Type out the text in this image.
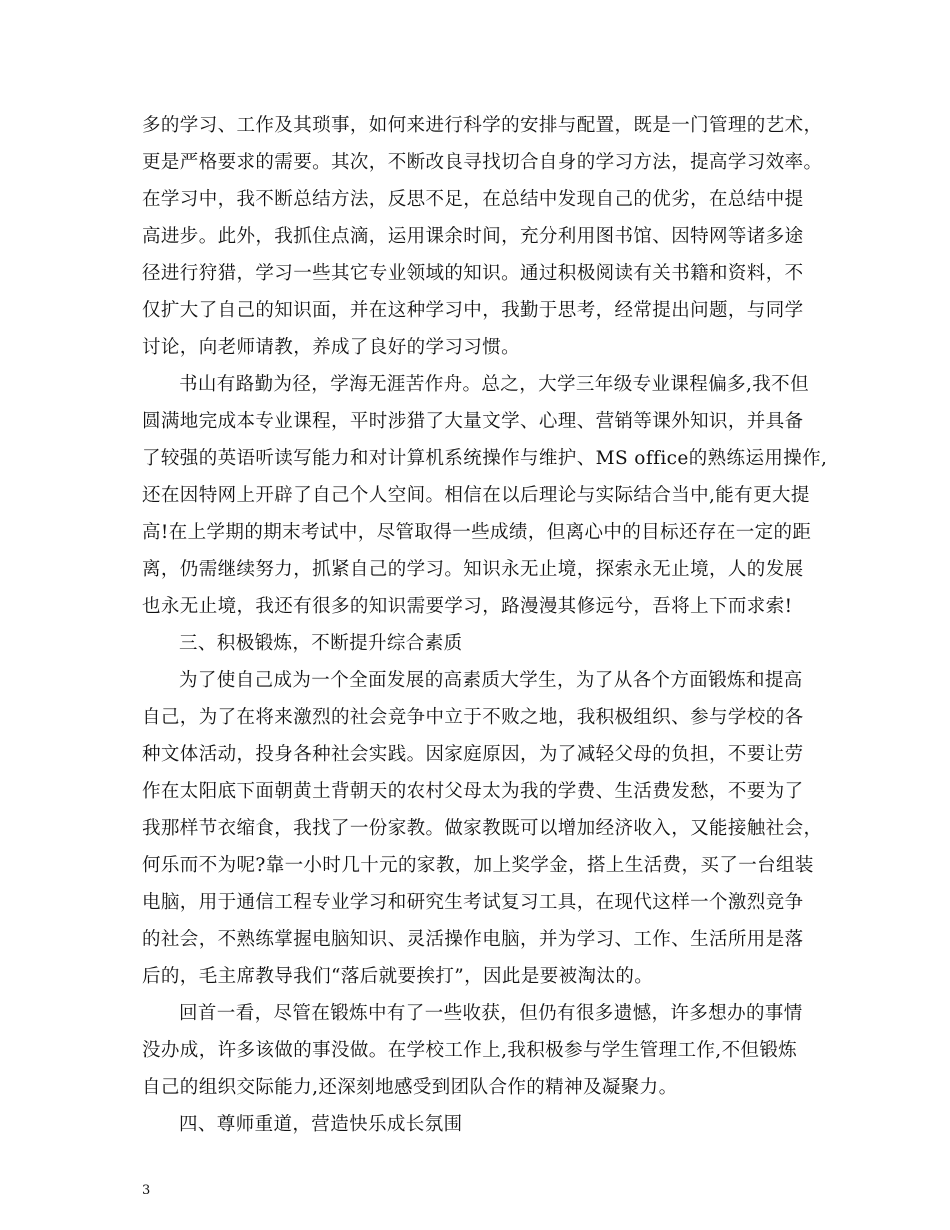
多的学习、工作及其琐事，如何来进行科学的安排与配置，既是一门管理的艺术，
更是严格要求的需要。其次，不断改良寻找切合自身的学习方法，提高学习效率。
在学习中，我不断总结方法，反思不足，在总结中发现自己的优劣，在总结中提
高进步。此外，我抓住点滴，运用课余时间，充分利用图书馆、因特网等诸多途
径进行狩猎，学习一些其它专业领域的知识。通过积极阅读有关书籍和资料，不
仅扩大了自己的知识面，并在这种学习中，我勤于思考，经常提出问题，与同学
讨论，向老师请教，养成了良好的学习习惯。
书山有路勤为径，学海无涯苦作舟。总之，大学三年级专业课程偏多,我不但
圆满地完成本专业课程，平时涉猎了大量文学、心理、营销等课外知识，并具备
了较强的英语听读写能力和对计算机系统操作与维护、MS office的熟练运用操作,
还在因特网上开辟了自己个人空间。相信在以后理论与实际结合当中,能有更大提
高!在上学期的期末考试中，尽管取得一些成绩，但离心中的目标还存在一定的距
离，仍需继续努力，抓紧自己的学习。知识永无止境，探索永无止境，人的发展
也永无止境，我还有很多的知识需要学习，路漫漫其修远兮，吾将上下而求索!
三、积极锻炼，不断提升综合素质
为了使自己成为一个全面发展的高素质大学生，为了从各个方面锻炼和提高
自己，为了在将来激烈的社会竞争中立于不败之地，我积极组织、参与学校的各
种文体活动，投身各种社会实践。因家庭原因，为了减轻父母的负担，不要让劳
作在太阳底下面朝黄土背朝天的农村父母太为我的学费、生活费发愁，不要为了
我那样节衣缩食，我找了一份家教。做家教既可以增加经济收入，又能接触社会，
何乐而不为呢?靠一小时几十元的家教，加上奖学金，搭上生活费，买了一台组装
电脑，用于通信工程专业学习和研究生考试复习工具，在现代这样一个激烈竞争
的社会，不熟练掌握电脑知识、灵活操作电脑，并为学习、工作、生活所用是落
后的，毛主席教导我们“落后就要挨打”，因此是要被淘汰的。
回首一看，尽管在锻炼中有了一些收获，但仍有很多遗憾，许多想办的事情
没办成，许多该做的事没做。在学校工作上,我积极参与学生管理工作,不但锻炼
自己的组织交际能力,还深刻地感受到团队合作的精神及凝聚力。
四、尊师重道，营造快乐成长氛围
3
